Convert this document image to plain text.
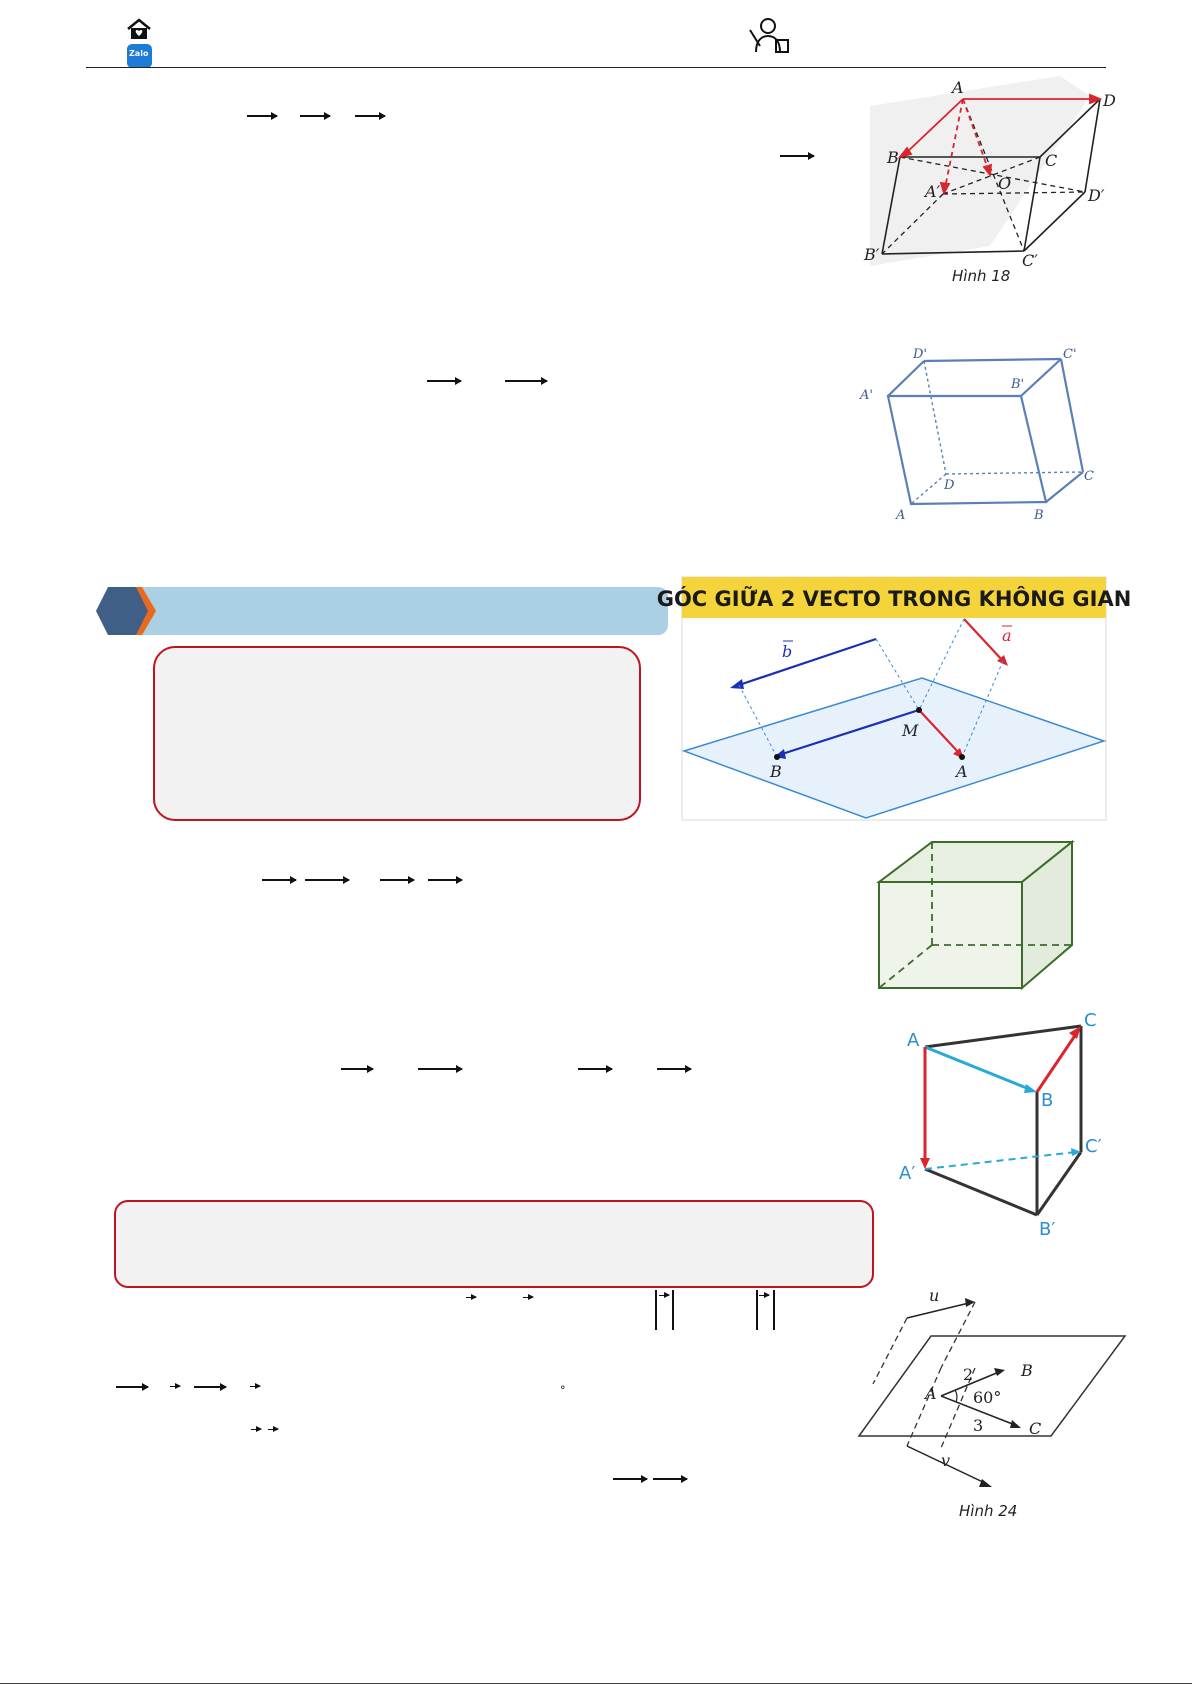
Zalo
°
A
D
B	C
A′	O
D′
B′	C′
Hình 18
D'	C'
A'
B'
D
C
A	B
GÓC GIỮA 2 VECTO TRONG KHÔNG GIAN
b
a
M
B	A
A
C
B
C′
A′
B′
u
A
B
C
2
60°
3
v
Hình 24
